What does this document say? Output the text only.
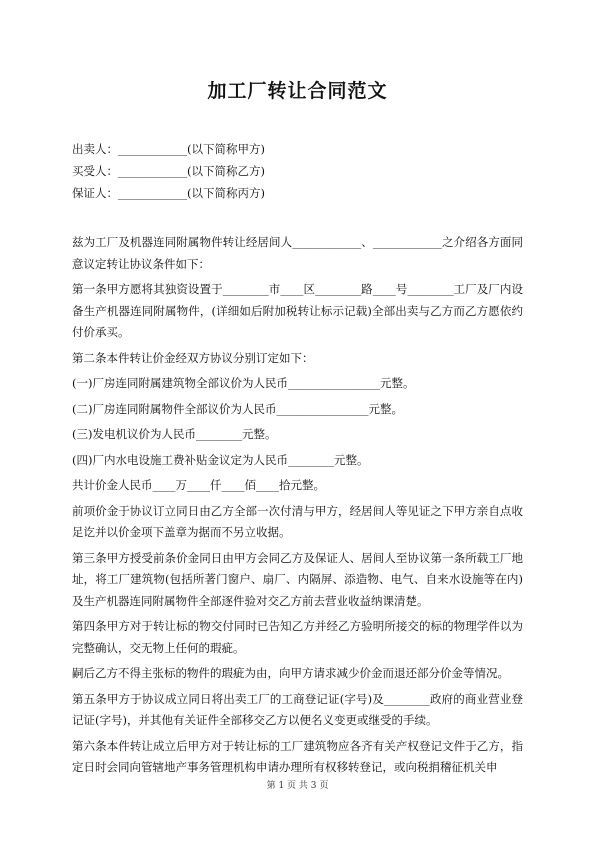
加工厂转让合同范文
出卖人：____________(以下简称甲方)
买受人：____________(以下简称乙方)
保证人：____________(以下简称丙方)

兹为工厂及机器连同附属物件转让经居间人____________、____________之介绍各方面同意议定转让协议条件如下：

第一条甲方愿将其独资设置于________市____区________路____号________工厂及厂内设备生产机器连同附属物件，(详细如后附加税转让标示记载)全部出卖与乙方而乙方愿依约付价承买。

第二条本件转让价金经双方协议分别订定如下：

(一)厂房连同附属建筑物全部议价为人民币________________元整。

(二)厂房连同附属物件全部议价为人民币________________元整。

(三)发电机议价为人民币________元整。

(四)厂内水电设施工费补贴金议定为人民币________元整。

共计价金人民币____万____仟____佰____拾元整。

前项价金于协议订立同日由乙方全部一次付清与甲方，经居间人等见证之下甲方亲自点收足讫并以价金项下盖章为据而不另立收据。

第三条甲方授受前条价金同日由甲方会同乙方及保证人、居间人至协议第一条所载工厂地址，将工厂建筑物(包括所著门窗户、扇厂、内隔屏、添造物、电气、自来水设施等在内)及生产机器连同附属物件全部逐件验对交乙方前去营业收益纳课清楚。

第四条甲方对于转让标的物交付同时已告知乙方并经乙方验明所接交的标的物理学件以为完整确认，交无物上任何的瑕疵。

嗣后乙方不得主张标的物件的瑕疵为由，向甲方请求减少价金而退还部分价金等情况。

第五条甲方于协议成立同日将出卖工厂的工商登记证(字号)及________政府的商业营业登记证(字号)，并其他有关证件全部移交乙方以便名义变更或继受的手续。

第六条本件转让成立后甲方对于转让标的工厂建筑物应各齐有关产权登记文件于乙方，指定日时会同向管辖地产事务管理机构申请办理所有权移转登记，或向税捐稽征机关申

第 1 页 共 3 页
